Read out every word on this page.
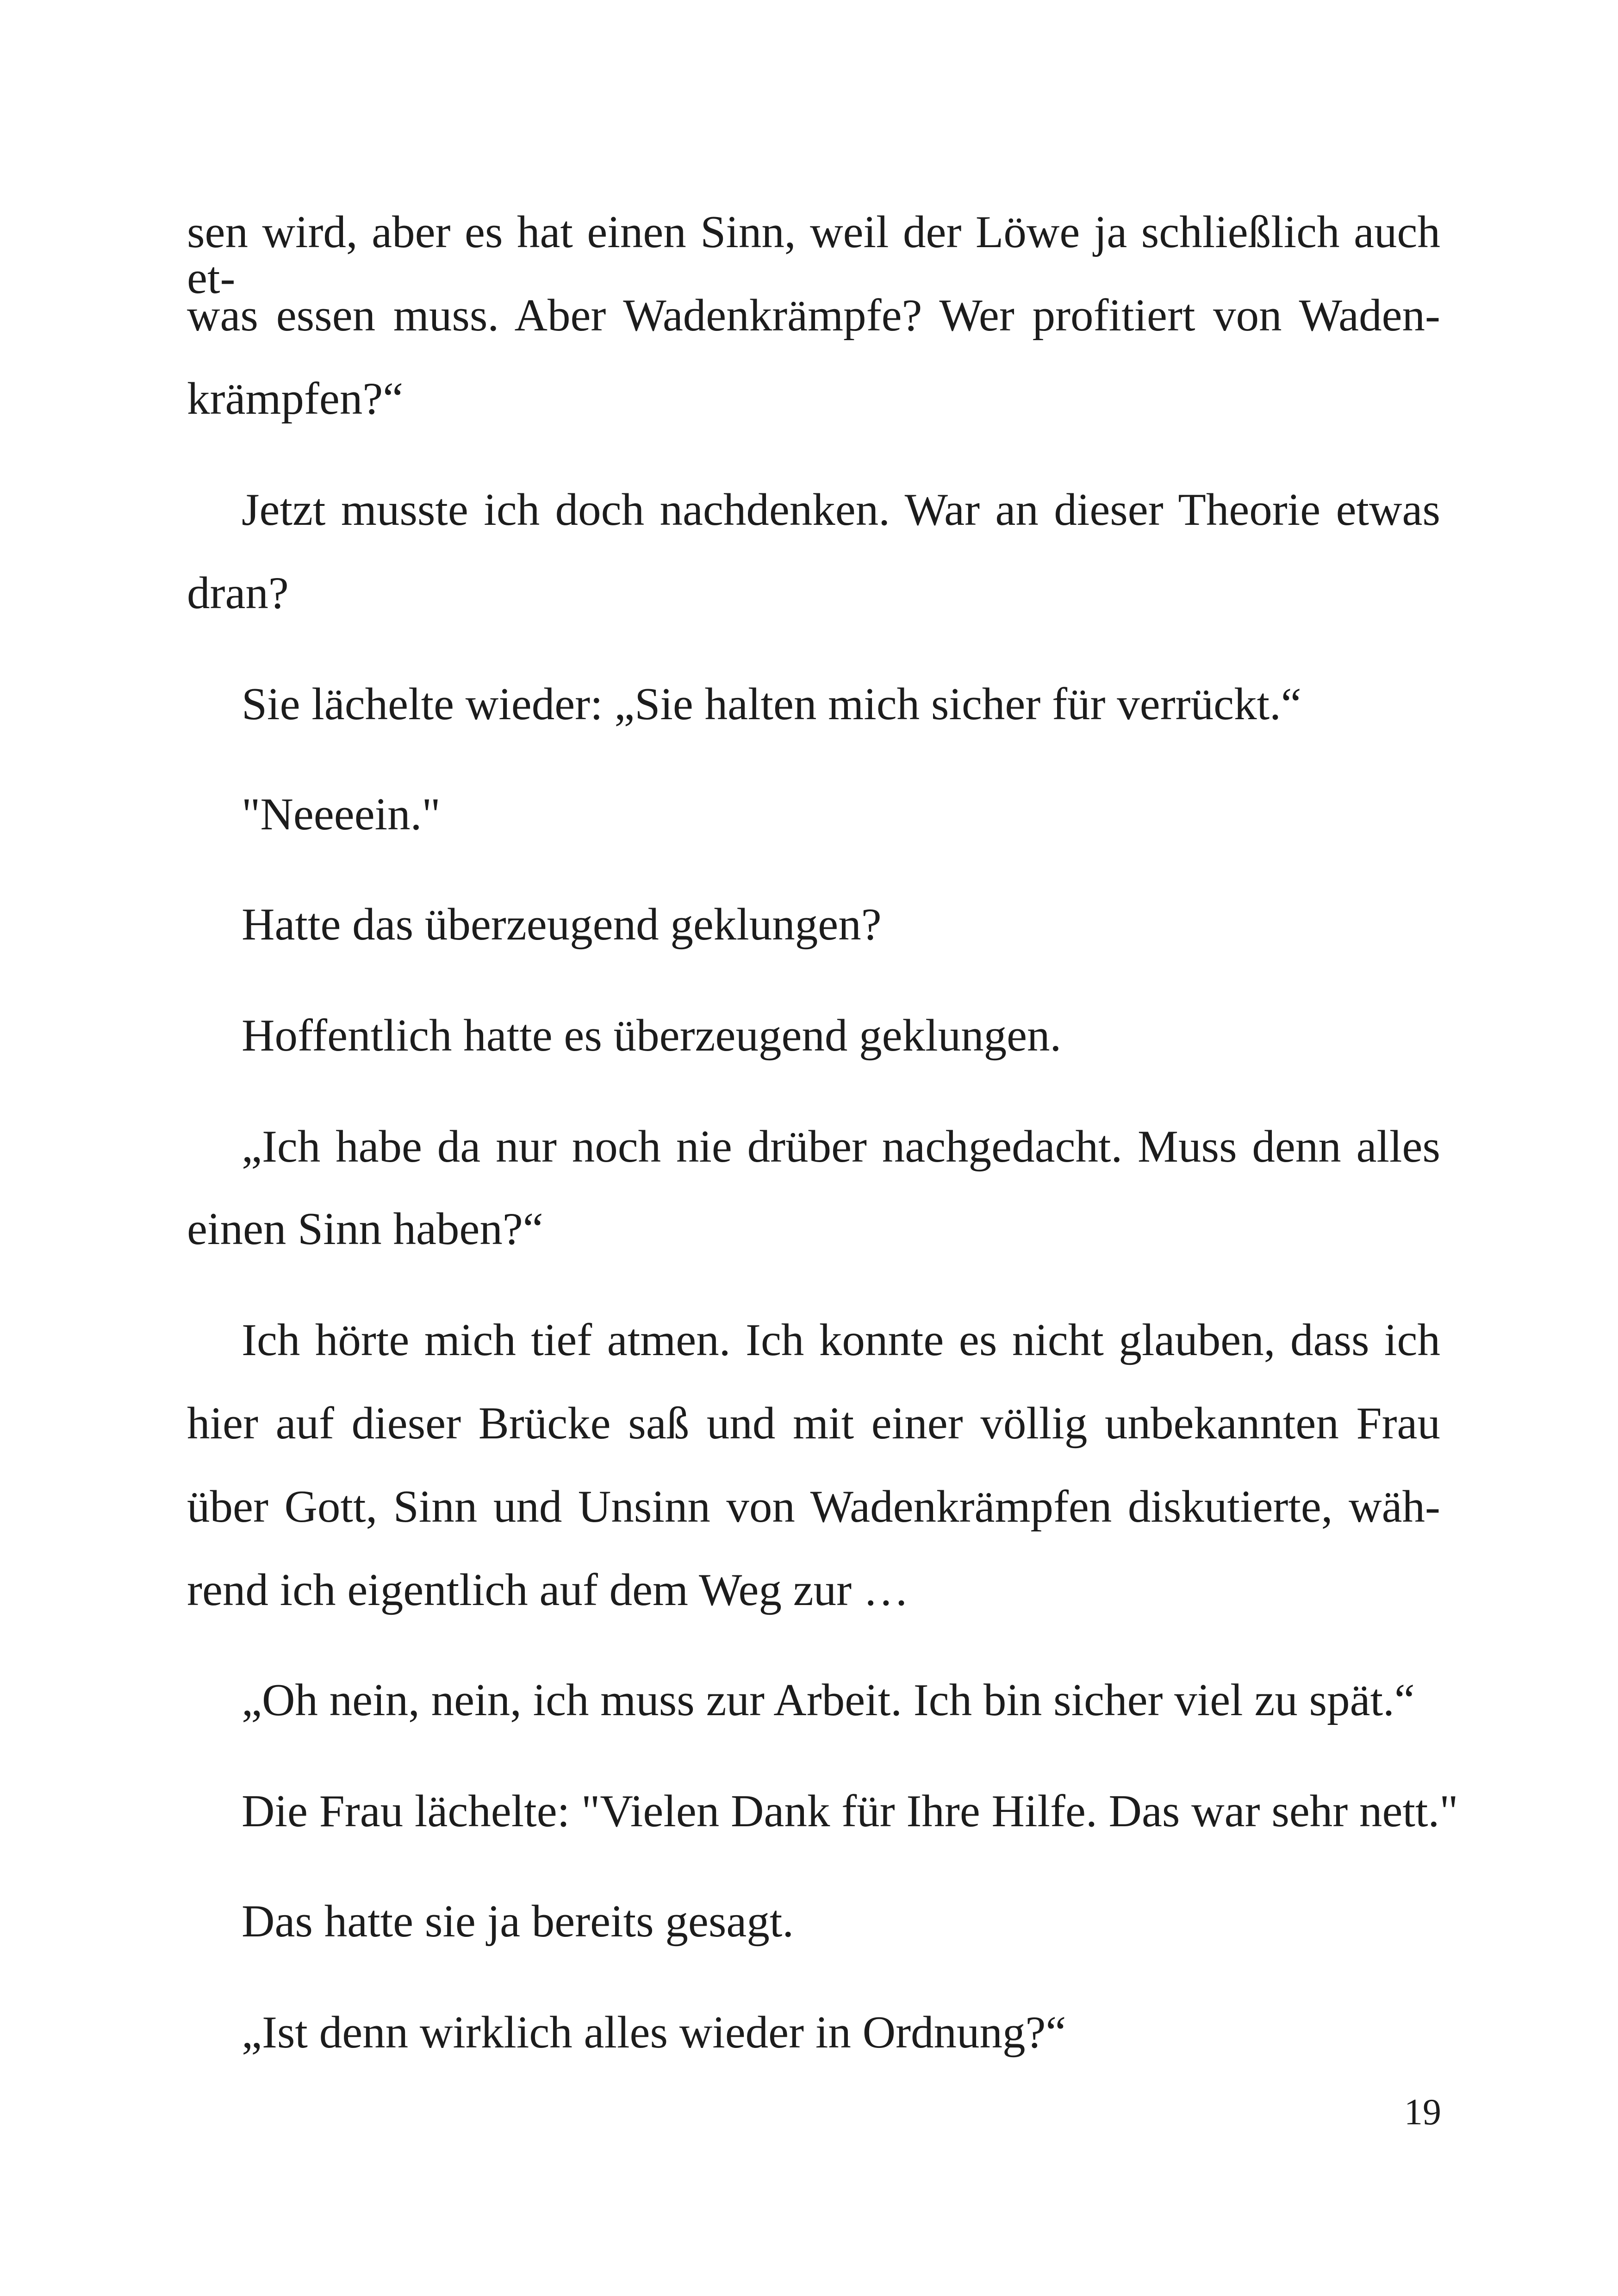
sen wird, aber es hat einen Sinn, weil der Löwe ja schließlich auch et-
was essen muss. Aber Wadenkrämpfe? Wer profitiert von Waden-
krämpfen?“
Jetzt musste ich doch nachdenken. War an dieser Theorie etwas
dran?
Sie lächelte wieder: „Sie halten mich sicher für verrückt.“
"Neeeein."
Hatte das überzeugend geklungen?
Hoffentlich hatte es überzeugend geklungen.
„Ich habe da nur noch nie drüber nachgedacht. Muss denn alles
einen Sinn haben?“
Ich hörte mich tief atmen. Ich konnte es nicht glauben, dass ich
hier auf dieser Brücke saß und mit einer völlig unbekannten Frau
über Gott, Sinn und Unsinn von Wadenkrämpfen diskutierte, wäh-
rend ich eigentlich auf dem Weg zur …
„Oh nein, nein, ich muss zur Arbeit. Ich bin sicher viel zu spät.“
Die Frau lächelte: "Vielen Dank für Ihre Hilfe. Das war sehr nett."
Das hatte sie ja bereits gesagt.
„Ist denn wirklich alles wieder in Ordnung?“
19
